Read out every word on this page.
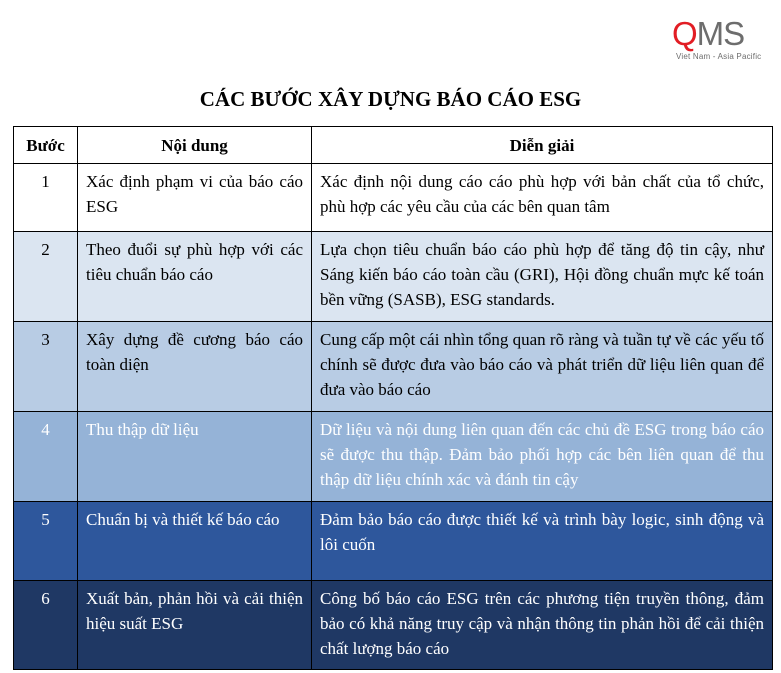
QMS
Viet Nam - Asia Pacific
CÁC BƯỚC XÂY DỰNG BÁO CÁO ESG
Bước	Nội dung	Diễn giải
1	Xác định phạm vi của báo cáo ESG	Xác định nội dung cáo cáo phù hợp với bản chất của tổ chức, phù hợp các yêu cầu của các bên quan tâm
2	Theo đuổi sự phù hợp với các tiêu chuẩn báo cáo	Lựa chọn tiêu chuẩn báo cáo phù hợp để tăng độ tin cậy, như Sáng kiến báo cáo toàn cầu (GRI), Hội đồng chuẩn mực kế toán bền vững (SASB), ESG standards.
3	Xây dựng đề cương báo cáo toàn diện	Cung cấp một cái nhìn tổng quan rõ ràng và tuần tự về các yếu tố chính sẽ được đưa vào báo cáo và phát triển dữ liệu liên quan để đưa vào báo cáo
4	Thu thập dữ liệu	Dữ liệu và nội dung liên quan đến các chủ đề ESG trong báo cáo sẽ được thu thập. Đảm bảo phối hợp các bên liên quan để thu thập dữ liệu chính xác và đánh tin cậy
5	Chuẩn bị và thiết kế báo cáo	Đảm bảo báo cáo được thiết kế và trình bày logic, sinh động và lôi cuốn
6	Xuất bản, phản hồi và cải thiện hiệu suất ESG	Công bố báo cáo ESG trên các phương tiện truyền thông, đảm bảo có khả năng truy cập và nhận thông tin phản hồi để cải thiện chất lượng báo cáo
